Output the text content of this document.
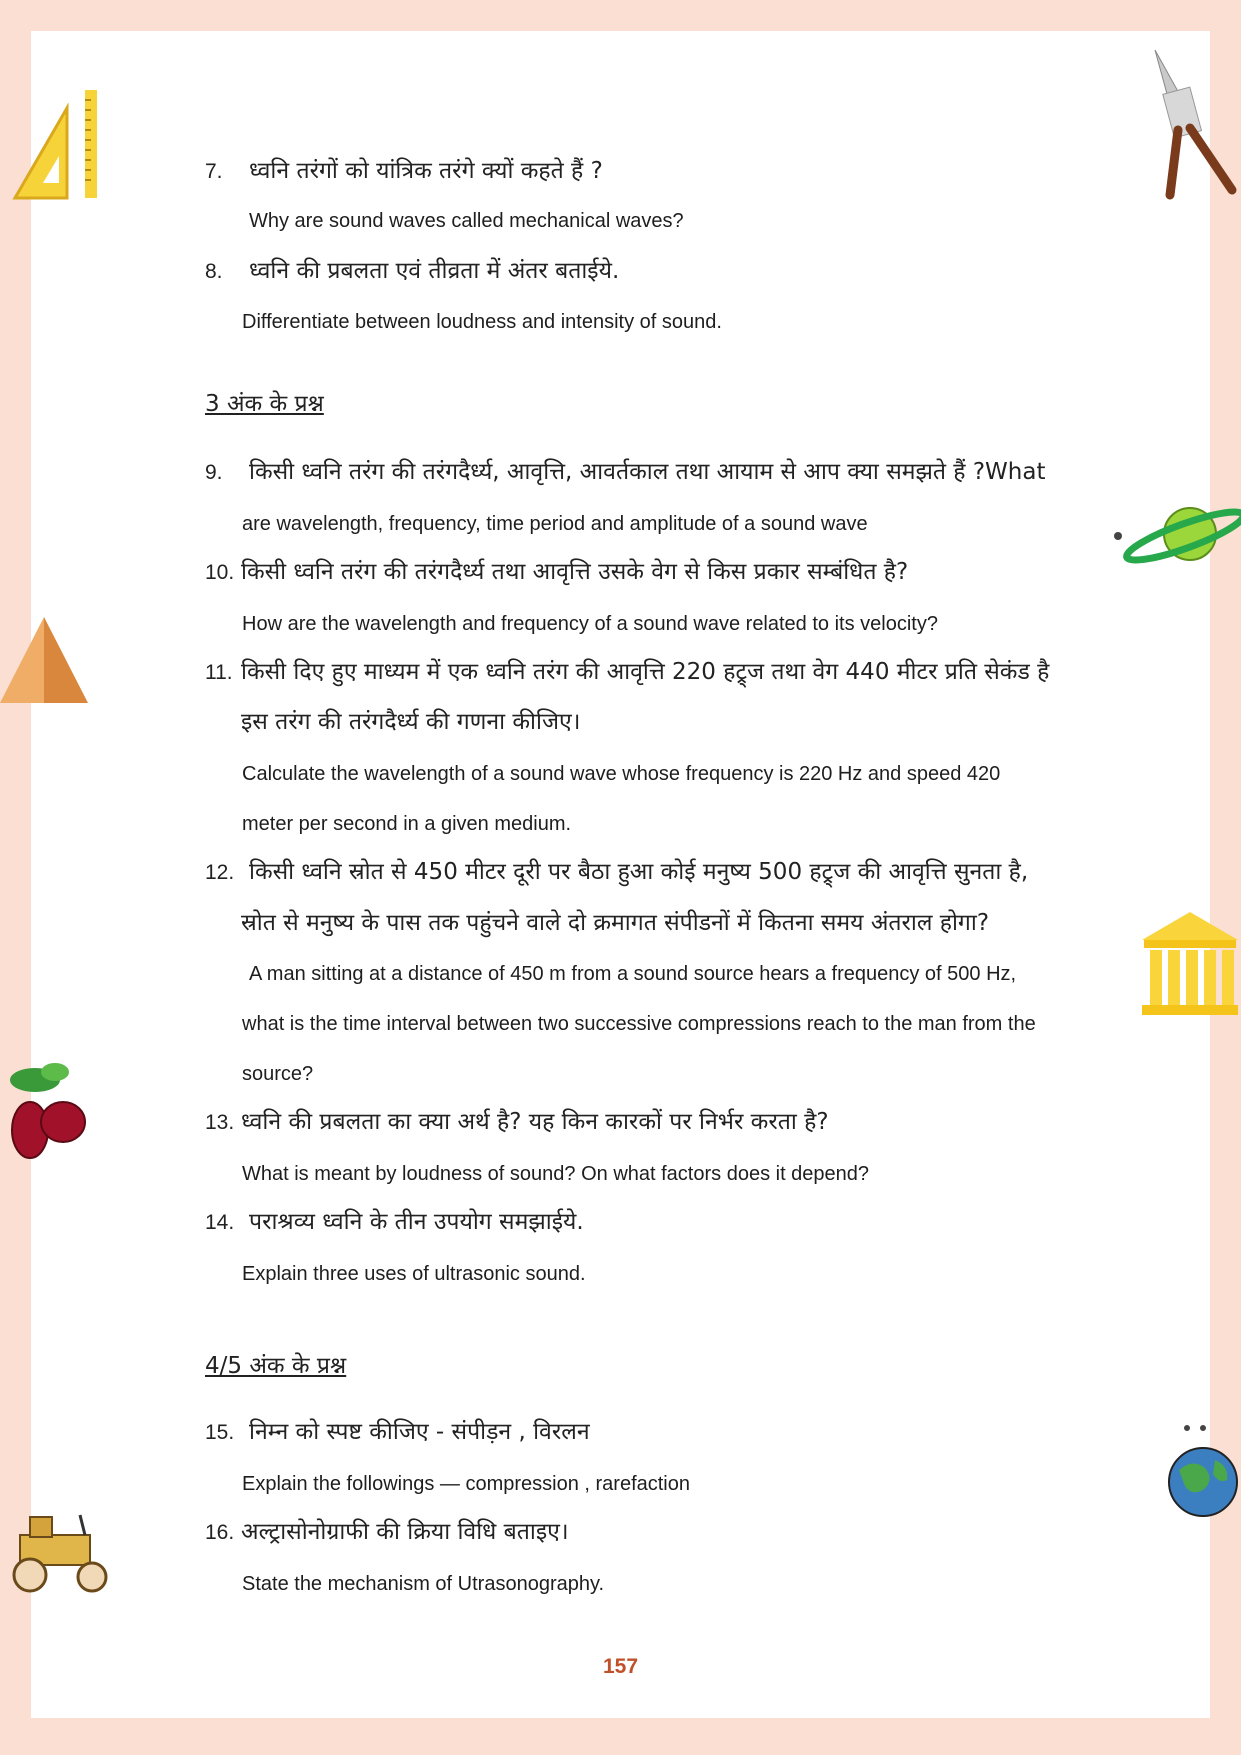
7. ध्वनि तरंगों को यांत्रिक तरंगे क्यों कहते हैं ?
Why are sound waves called mechanical waves?
8. ध्वनि की प्रबलता एवं तीव्रता में अंतर बताईये.
Differentiate between loudness and intensity of sound.
3 अंक के प्रश्न
9. किसी ध्वनि तरंग की तरंगदैर्ध्य, आवृत्ति, आवर्तकाल तथा आयाम से आप क्या समझते हैं ?What
are wavelength, frequency, time period and amplitude of a sound wave
10. किसी ध्वनि तरंग की तरंगदैर्ध्य तथा आवृत्ति उसके वेग से किस प्रकार सम्बंधित है?
How are the wavelength and frequency of a sound wave related to its velocity?
11. किसी दिए हुए माध्यम में एक ध्वनि तरंग की आवृत्ति 220 हट्र्ज तथा वेग 440 मीटर प्रति सेकंड है
इस तरंग की तरंगदैर्ध्य की गणना कीजिए।
Calculate the wavelength of a sound wave whose frequency is 220 Hz and speed 420
meter per second in a given medium.
12. किसी ध्वनि स्रोत से 450 मीटर दूरी पर बैठा हुआ कोई मनुष्य 500 हट्र्ज की आवृत्ति सुनता है,
स्रोत से मनुष्य के पास तक पहुंचने वाले दो क्रमागत संपीडनों में कितना समय अंतराल होगा?
A man sitting at a distance of 450 m from a sound source hears a frequency of 500 Hz,
what is the time interval between two successive compressions reach to the man from the
source?
13. ध्वनि की प्रबलता का क्या अर्थ है? यह किन कारकों पर निर्भर करता है?
What is meant by loudness of sound? On what factors does it depend?
14. पराश्रव्य ध्वनि के तीन उपयोग समझाईये.
Explain three uses of ultrasonic sound.
4/5 अंक के प्रश्न
15. निम्न को स्पष्ट कीजिए - संपीड़न , विरलन
Explain the followings — compression , rarefaction
16. अल्ट्रासोनोग्राफी की क्रिया विधि बताइए।
State the mechanism of Utrasonography.
157
